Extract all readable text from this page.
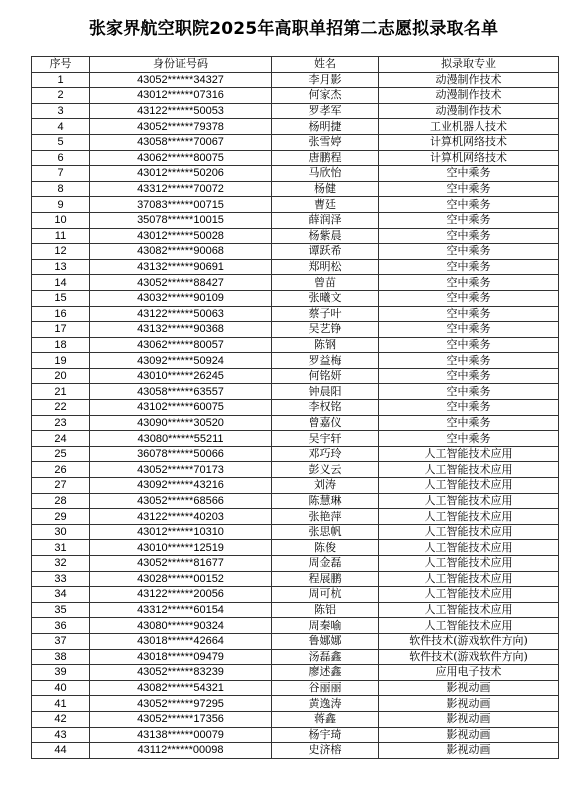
张家界航空职院2025年高职单招第二志愿拟录取名单
序号	身份证号码	姓名	拟录取专业
1	43052******34327	李月影	动漫制作技术
2	43012******07316	何家杰	动漫制作技术
3	43122******50053	罗孝军	动漫制作技术
4	43052******79378	杨明捷	工业机器人技术
5	43058******70067	张雪婷	计算机网络技术
6	43062******80075	唐鹏程	计算机网络技术
7	43012******50206	马欣怡	空中乘务
8	43312******70072	杨健	空中乘务
9	37083******00715	曹廷	空中乘务
10	35078******10015	薛润泽	空中乘务
11	43012******50028	杨紫晨	空中乘务
12	43082******90068	谭跃希	空中乘务
13	43132******90691	郑明松	空中乘务
14	43052******88427	曾苗	空中乘务
15	43032******90109	张曦文	空中乘务
16	43122******50063	蔡子叶	空中乘务
17	43132******90368	吴艺铮	空中乘务
18	43062******80057	陈钢	空中乘务
19	43092******50924	罗益梅	空中乘务
20	43010******26245	何铭妍	空中乘务
21	43058******63557	钟晨阳	空中乘务
22	43102******60075	李权铭	空中乘务
23	43090******30520	曾嘉仪	空中乘务
24	43080******55211	吴宇轩	空中乘务
25	36078******50066	邓巧玲	人工智能技术应用
26	43052******70173	彭义云	人工智能技术应用
27	43092******43216	刘涛	人工智能技术应用
28	43052******68566	陈慧琳	人工智能技术应用
29	43122******40203	张艳萍	人工智能技术应用
30	43012******10310	张思帆	人工智能技术应用
31	43010******12519	陈俊	人工智能技术应用
32	43052******81677	周金磊	人工智能技术应用
33	43028******00152	程展鹏	人工智能技术应用
34	43122******20056	周可杭	人工智能技术应用
35	43312******60154	陈铝	人工智能技术应用
36	43080******90324	周秦喻	人工智能技术应用
37	43018******42664	鲁娜娜	软件技术(游戏软件方向)
38	43018******09479	汤磊鑫	软件技术(游戏软件方向)
39	43052******83239	廖述鑫	应用电子技术
40	43082******54321	谷丽丽	影视动画
41	43052******97295	黄逸涛	影视动画
42	43052******17356	蒋鑫	影视动画
43	43138******00079	杨宇琦	影视动画
44	43112******00098	史济榕	影视动画
